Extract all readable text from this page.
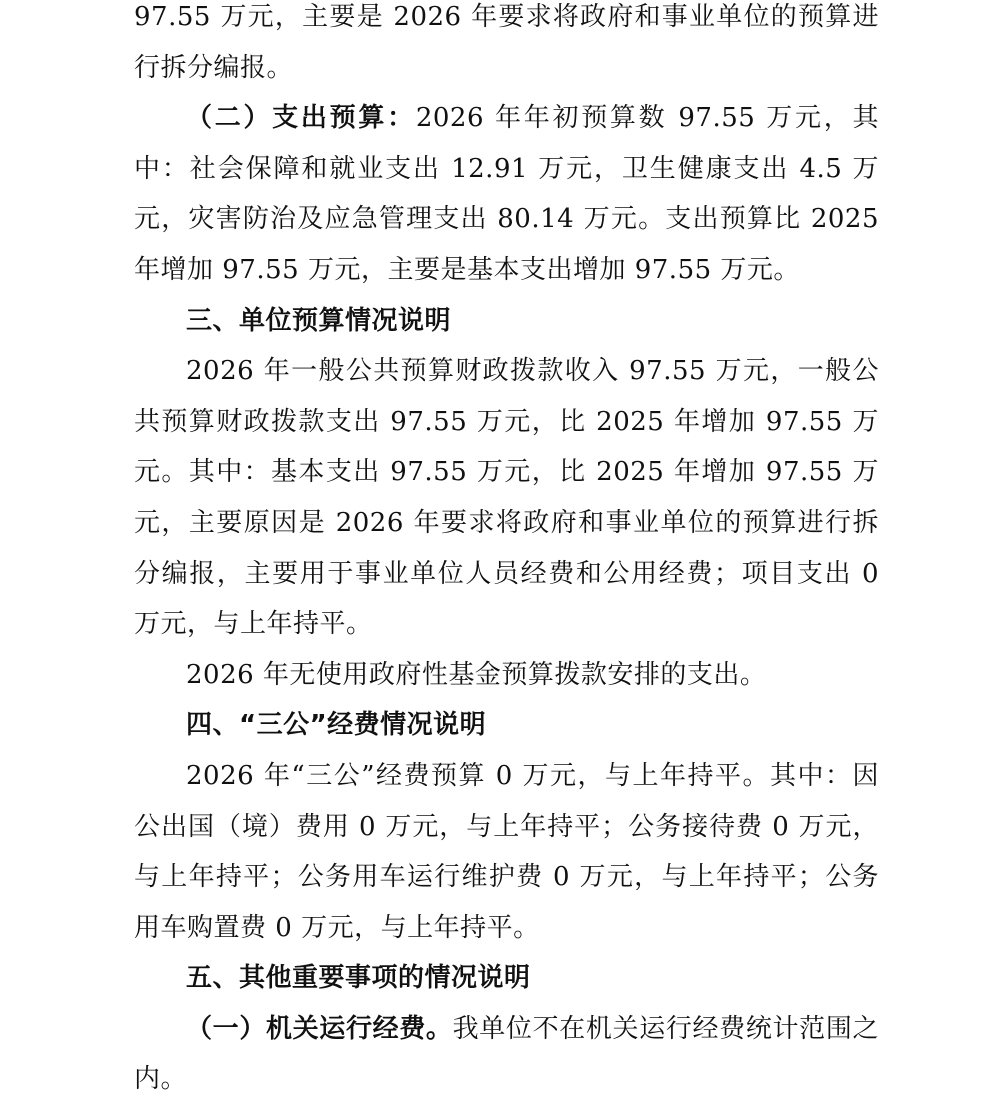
97.55 万元，主要是 2026 年要求将政府和事业单位的预算进行拆分编报。

（二）支出预算：2026 年年初预算数 97.55 万元，其中：社会保障和就业支出 12.91 万元，卫生健康支出 4.5 万元，灾害防治及应急管理支出 80.14 万元。支出预算比 2025 年增加 97.55 万元，主要是基本支出增加 97.55 万元。

三、单位预算情况说明

2026 年一般公共预算财政拨款收入 97.55 万元，一般公共预算财政拨款支出 97.55 万元，比 2025 年增加 97.55 万元。其中：基本支出 97.55 万元，比 2025 年增加 97.55 万元，主要原因是 2026 年要求将政府和事业单位的预算进行拆分编报，主要用于事业单位人员经费和公用经费；项目支出 0 万元，与上年持平。

2026 年无使用政府性基金预算拨款安排的支出。

四、“三公”经费情况说明

2026 年“三公”经费预算 0 万元，与上年持平。其中：因公出国（境）费用 0 万元，与上年持平；公务接待费 0 万元，与上年持平；公务用车运行维护费 0 万元，与上年持平；公务用车购置费 0 万元，与上年持平。

五、其他重要事项的情况说明

（一）机关运行经费。我单位不在机关运行经费统计范围之内。
